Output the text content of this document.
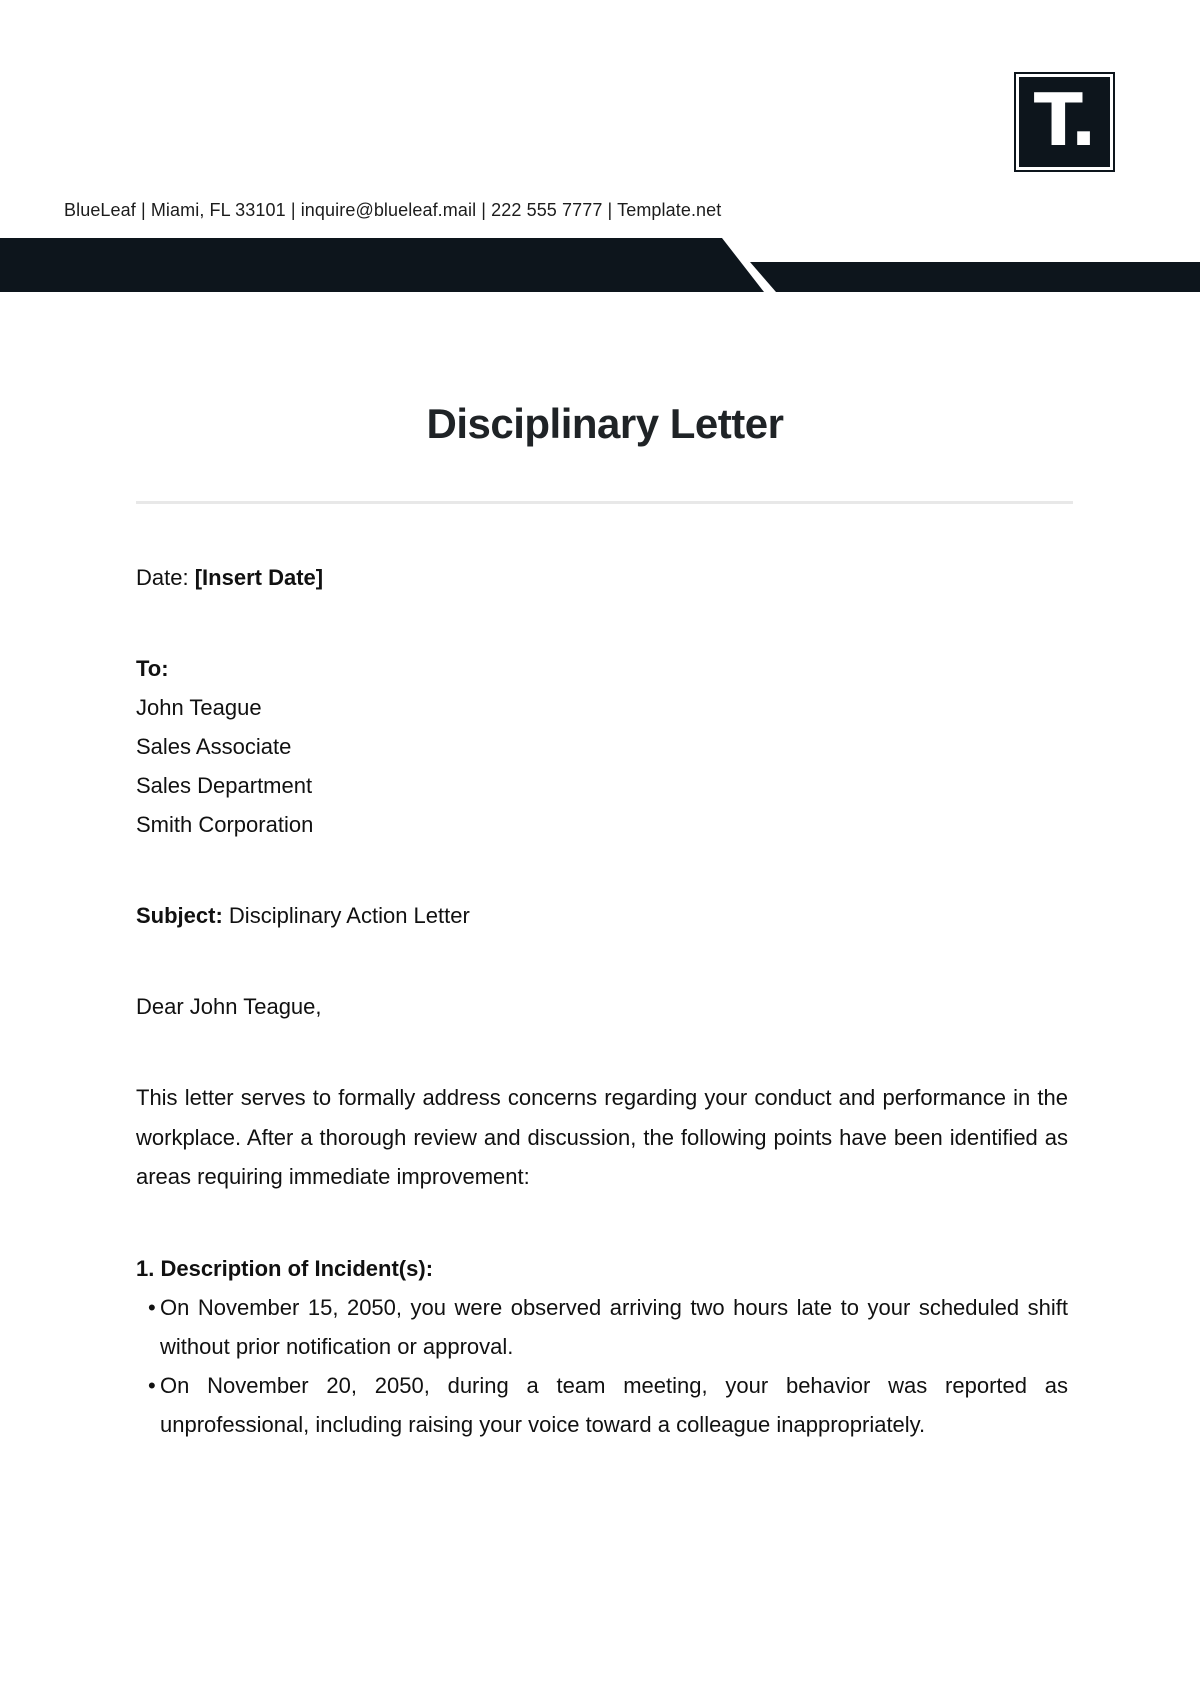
T.
BlueLeaf | Miami, FL 33101 | inquire@blueleaf.mail | 222 555 7777 | Template.net
Disciplinary Letter
Date: [Insert Date]
To:
John Teague
Sales Associate
Sales Department
Smith Corporation
Subject: Disciplinary Action Letter
Dear John Teague,

This letter serves to formally address concerns regarding your conduct and performance in the workplace. After a thorough review and discussion, the following points have been identified as areas requiring immediate improvement:

1. Description of Incident(s):
• On November 15, 2050, you were observed arriving two hours late to your scheduled shift without prior notification or approval.
• On November 20, 2050, during a team meeting, your behavior was reported as unprofessional, including raising your voice toward a colleague inappropriately.
